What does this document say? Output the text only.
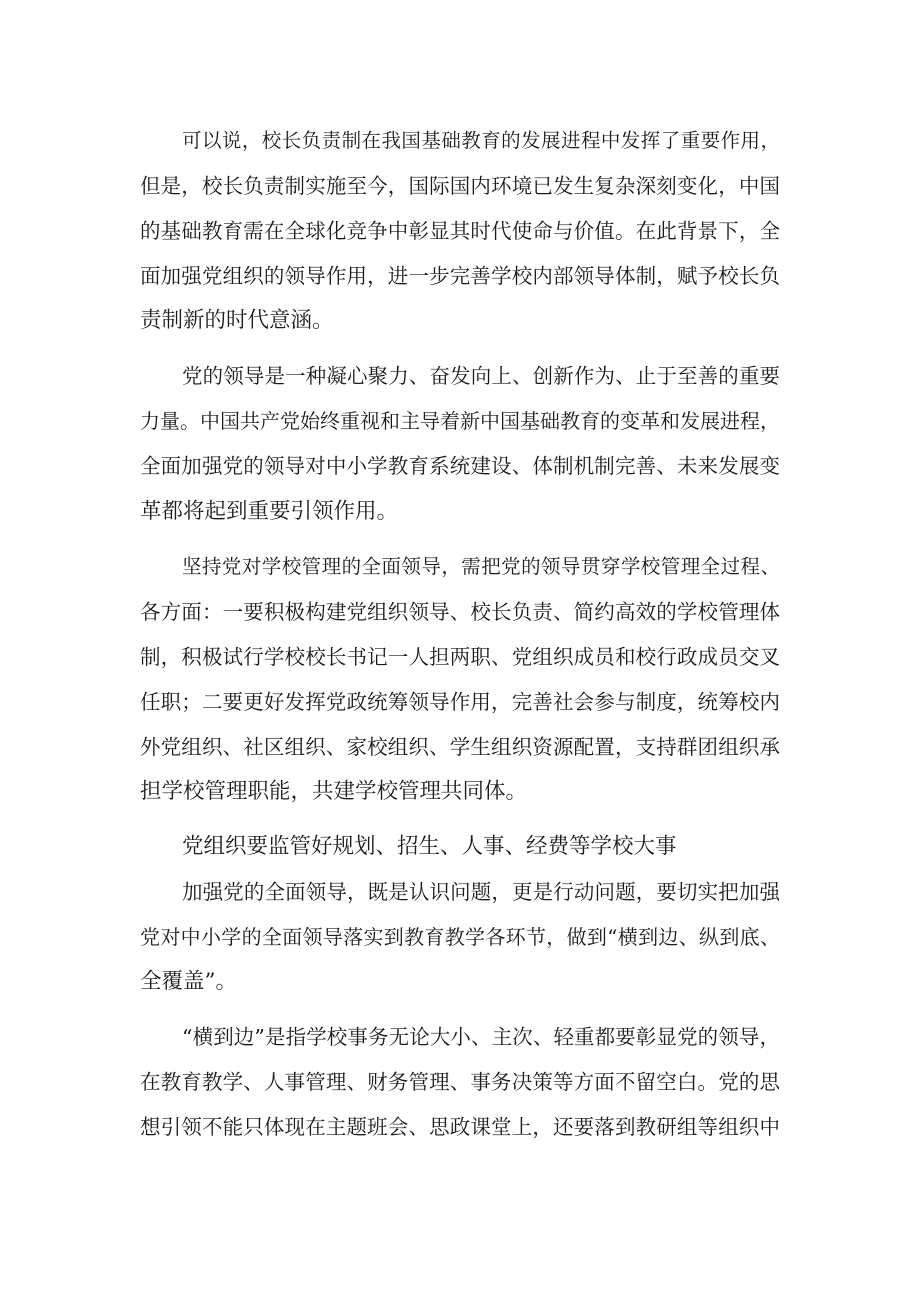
可以说，校长负责制在我国基础教育的发展进程中发挥了重要作用，

但是，校长负责制实施至今，国际国内环境已发生复杂深刻变化，中国

的基础教育需在全球化竞争中彰显其时代使命与价值。在此背景下，全

面加强党组织的领导作用，进一步完善学校内部领导体制，赋予校长负

责制新的时代意涵。

党的领导是一种凝心聚力、奋发向上、创新作为、止于至善的重要

力量。中国共产党始终重视和主导着新中国基础教育的变革和发展进程，

全面加强党的领导对中小学教育系统建设、体制机制完善、未来发展变

革都将起到重要引领作用。

坚持党对学校管理的全面领导，需把党的领导贯穿学校管理全过程、

各方面：一要积极构建党组织领导、校长负责、简约高效的学校管理体

制，积极试行学校校长书记一人担两职、党组织成员和校行政成员交叉

任职；二要更好发挥党政统筹领导作用，完善社会参与制度，统筹校内

外党组织、社区组织、家校组织、学生组织资源配置，支持群团组织承

担学校管理职能，共建学校管理共同体。

党组织要监管好规划、招生、人事、经费等学校大事

加强党的全面领导，既是认识问题，更是行动问题，要切实把加强

党对中小学的全面领导落实到教育教学各环节，做到“横到边、纵到底、

全覆盖”。

“横到边”是指学校事务无论大小、主次、轻重都要彰显党的领导，

在教育教学、人事管理、财务管理、事务决策等方面不留空白。党的思

想引领不能只体现在主题班会、思政课堂上，还要落到教研组等组织中
